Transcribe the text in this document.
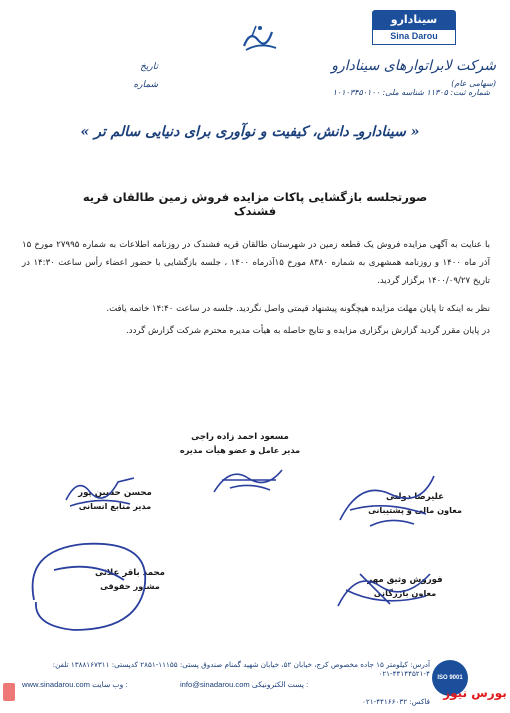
سینادارو
Sina Darou
شرکت لابراتوارهای سینادارو (سهامی عام)
شماره ثبت: ۱۱۳۰۵ شناسه ملی: ۱۰۱۰۳۴۵۰۱۰۰
تاریخ
شماره
« سیناداروـ دانش، کیفیت و نوآوری برای دنیایی سالم تر »
صورتجلسه بازگشایی پاکات مزایده فروش زمین طالقان قریه فشندک

با عنایت به آگهی مزایده فروش یک قطعه زمین در شهرستان طالقان قریه فشندک در روزنامه اطلاعات به شماره ۲۷۹۹۵ مورخ ۱۵ آذر ماه ۱۴۰۰ و روزنامه همشهری به شماره ۸۳۸۰ مورخ ۱۵آذرماه ۱۴۰۰ ، جلسه بازگشایی با حضور اعضاء رأس ساعت ۱۴:۳۰ در تاریخ ۱۴۰۰/۰۹/۲۷ برگزار گردید.

نظر به اینکه تا پایان مهلت مزایده هیچگونه پیشنهاد قیمتی واصل نگردید. جلسه در ساعت ۱۴:۴۰ خاتمه یافت.

در پایان مقرر گردید گزارش برگزاری مزایده و نتایج حاصله به هیأت مدیره محترم شرکت گزارش گردد.

مسعود احمد زاده راجی
مدیر عامل و عضو هیأت مدیره
محسن حسین پور
مدیر منابع انسانی
علیرضا دولتی
معاون مالی و پشتیبانی
محمد باقر علائی
مشاور حقوقی
فوروش وثیق مهر
معاون بازرگانی
آدرس: کیلومتر ۱۵ جاده مخصوص کرج، خیابان ۵۲، خیابان شهید گمنام صندوق پستی: ۱۱۱۵۵-۲۸۵۱ کدپستی: ۱۳۸۸۱۶۷۳۱۱ تلفن: ۴-۴۴۱۴۴۵۲۱-۰۲۱
www.sinadarou.com وب سایت :	info@sinadarou.com پست الکترونیکی :
فاکس: ۴۴۱۶۶۰۳۲-۰۲۱
ISO 9001
بورس نیوز
